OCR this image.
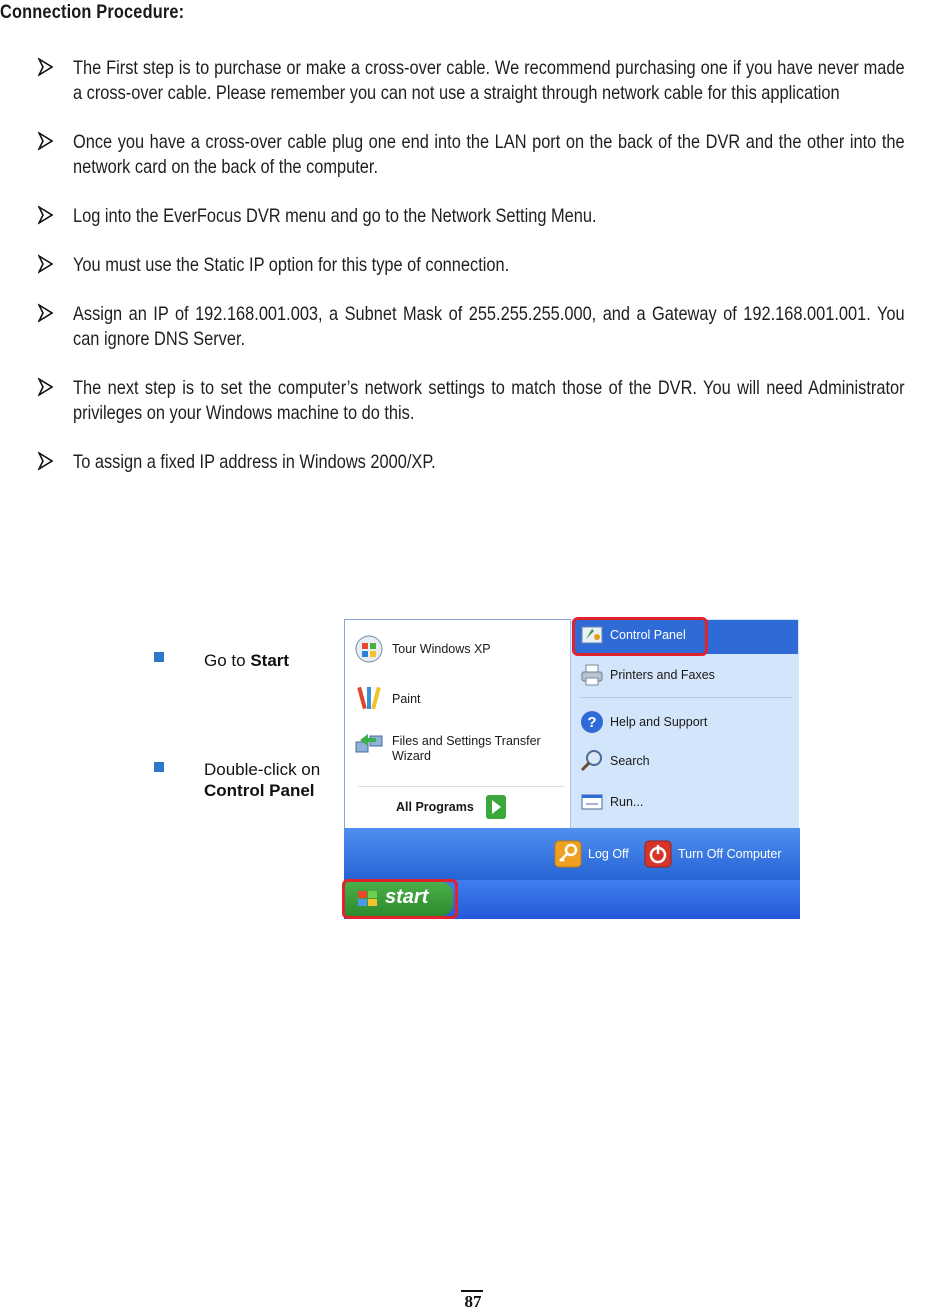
Connection Procedure:
The First step is to purchase or make a cross-over cable. We recommend purchasing one if you have never made a cross-over cable. Please remember you can not use a straight through network cable for this application
Once you have a cross-over cable plug one end into the LAN port on the back of the DVR and the other into the network card on the back of the computer.
Log into the EverFocus DVR menu and go to the Network Setting Menu.
You must use the Static IP option for this type of connection.
Assign an IP of 192.168.001.003, a Subnet Mask of 255.255.255.000, and a Gateway of 192.168.001.001. You can ignore DNS Server.
The next step is to set the computer’s network settings to match those of the DVR. You will need Administrator privileges on your Windows machine to do this.
To assign a fixed IP address in Windows 2000/XP.
Go to Start
Double-click on
Control Panel
Tour Windows XP
Paint
Files and Settings Transfer
Wizard
All Programs
Control Panel
Printers and Faxes
? Help and Support
Search
Run...
Log Off	Turn Off Computer
start
87
